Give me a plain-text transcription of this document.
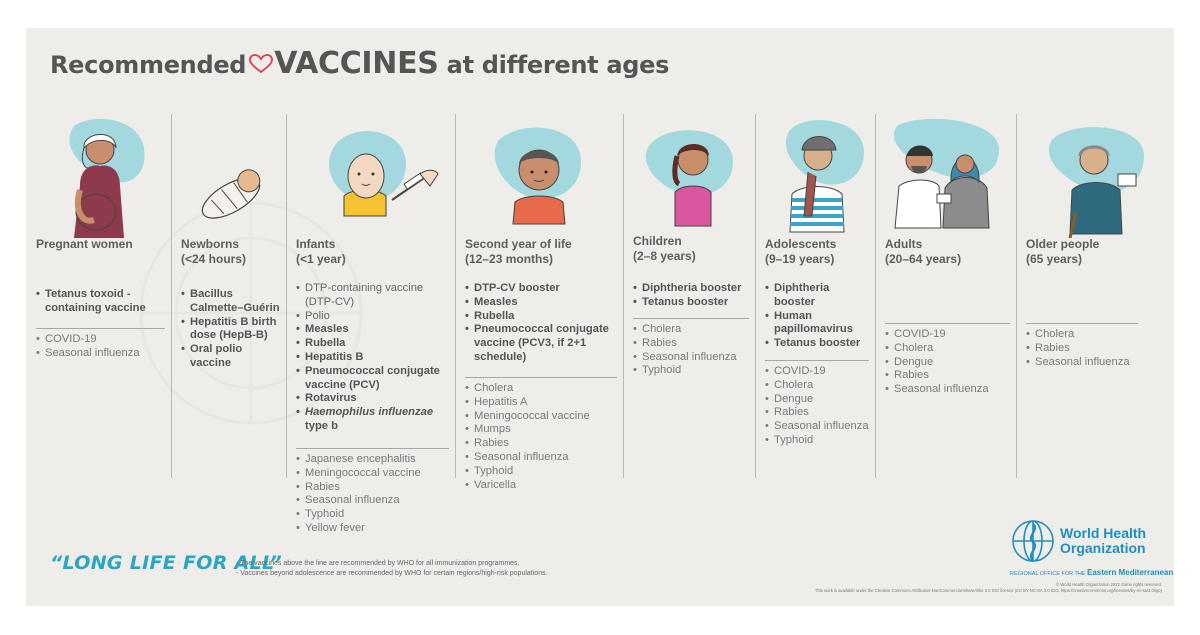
Recommended VACCINES at different ages
Pregnant women
• Tetanus toxoid - containing vaccine
• COVID-19
• Seasonal influenza
Newborns
(<24 hours)
• Bacillus Calmette–Guérin
• Hepatitis B birth dose (HepB-B)
• Oral polio vaccine
Infants
(<1 year)
• DTP-containing vaccine (DTP-CV)
• Polio
• Measles
• Rubella
• Hepatitis B
• Pneumococcal conjugate vaccine (PCV)
• Rotavirus
• Haemophilus influenzae
type b
• Japanese encephalitis
• Meningococcal vaccine
• Rabies
• Seasonal influenza
• Typhoid
• Yellow fever
Second year of life
(12–23 months)
• DTP-CV booster
• Measles
• Rubella
• Pneumococcal conjugate vaccine (PCV3, if 2+1 schedule)
• Cholera
• Hepatitis A
• Meningococcal vaccine
• Mumps
• Rabies
• Seasonal influenza
• Typhoid
• Varicella
Children
(2–8 years)
• Diphtheria booster
• Tetanus booster
• Cholera
• Rabies
• Seasonal influenza
• Typhoid
Adolescents
(9–19 years)
• Diphtheria booster
• Human papillomavirus
• Tetanus booster
• COVID-19
• Cholera
• Dengue
• Rabies
• Seasonal influenza
• Typhoid
Adults
(20–64 years)
• COVID-19
• Cholera
• Dengue
• Rabies
• Seasonal influenza
Older people
(65 years)
• Cholera
• Rabies
• Seasonal influenza
“LONG LIFE FOR ALL”
- The vaccines above the line are recommended by WHO for all immunization programmes.
- Vaccines beyond adolescence are recommended by WHO for certain regions/high-risk populations.
World Health
Organization
REGIONAL OFFICE FOR THE Eastern Mediterranean
© World Health Organization 2022 Some rights reserved.
This work is available under the Creative Commons Attribution-NonCommercial-ShareAlike 3.0 IGO licence (CC BY-NC-SA 3.0 IGO; https://creativecommons.org/licenses/by-nc-sa/3.0/igo)
